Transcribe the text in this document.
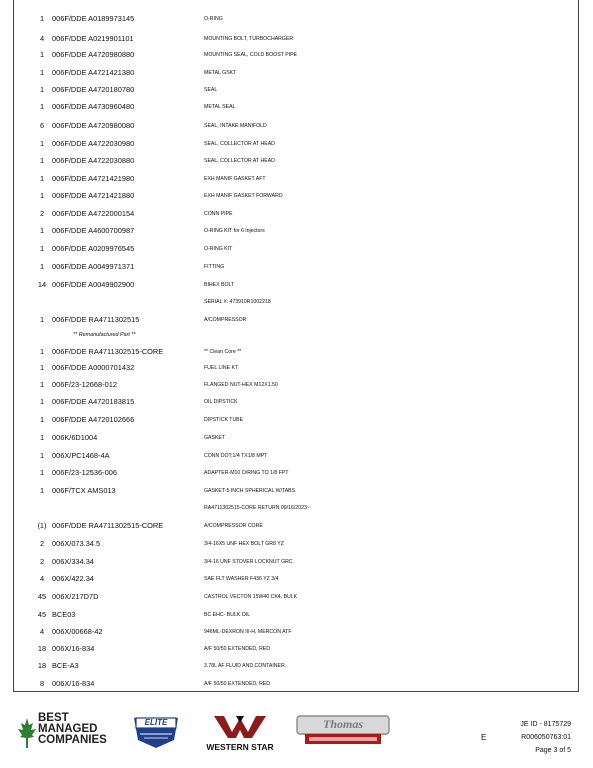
1	006F/DDE A0189973145	O-RING
4	006F/DDE A0219901101	MOUNTING BOLT, TURBOCHARGER
1	006F/DDE A4720980880	MOUNTING SEAL, COLD BOOST PIPE
1	006F/DDE A4721421380	METAL GSKT
1	006F/DDE A4720180780	SEAL
1	006F/DDE A4730960480	METAL SEAL
6	006F/DDE A4720980080	SEAL, INTAKE MANIFOLD
1	006F/DDE A4722030980	SEAL, COLLECTOR AT HEAD
1	006F/DDE A4722030880	SEAL, COLLECTOR AT HEAD
1	006F/DDE A4721421980	EXH MANIF GASKET AFT
1	006F/DDE A4721421880	EXH MANIF GASKET FORWARD
2	006F/DDE A4722000154	CONN PIPE
1	006F/DDE A4600700987	O-RING KIT for 6 injectors
1	006F/DDE A0209976545	O-RING KIT
1	006F/DDE A0049971371	FITTING
14 006F/DDE A0049902900	BIHEX BOLT
SERIAL #: 473910R1002218
1	006F/DDE RA4711302515	A/COMPRESSOR
** Remanufactured Part **
1	006F/DDE RA4711302515-CORE	** Clean Core **
1	006F/DDE A0000701432	FUEL LINE KT
1	006F/23-12668-012	FLANGED NUT-HEX M12X1.50
1	006F/DDE A4720183815	OIL DIPSTICK
1	006F/DDE A4720102666	DIPSTICK TUBE
1	006K/6D1004	GASKET
1	006X/PC1468-4A	CONN DOT;1/4 TX1/8 MPT
1	006F/23-12536-006	ADAPTER-M10 O/RING TO 1/8 FPT
1	006F/TCX AMS013	GASKET-5 INCH SPHERICAL W/TABS
RA4711302515-CORE RETURN 09/16/2023~
(1) 006F/DDE RA4711302515-CORE	A/COMPRESSOR CORE
2	006X/073.34.5	3/4-16X5 UNF HEX BOLT GR8 YZ
2	006X/334.34	3/4-16 UNF STOVER LOCKNUT GRC
4	006X/422.34	SAE FLT WASHER F436 YZ 3/4
45 006X/217D7D	CASTROL VECTON 15W40 CK4, BULK
45 BCE03	BC EHC- BULK OIL
4	006X/00668-42	946ML-DEXRON III-H, MERCON ATF
18 006X/16-834	A/F 50/50 EXTENDED, RED
18 BCE-A3	3.78L AF FLUID AND CONTAINER
8	006X/16-834	A/F 50/50 EXTENDED, RED
BEST
MANAGED
COMPANIES
ELITE
WESTERN STAR
Thomas
E
JE ID - 8175729
R006050763:01
Page 3 of 5
